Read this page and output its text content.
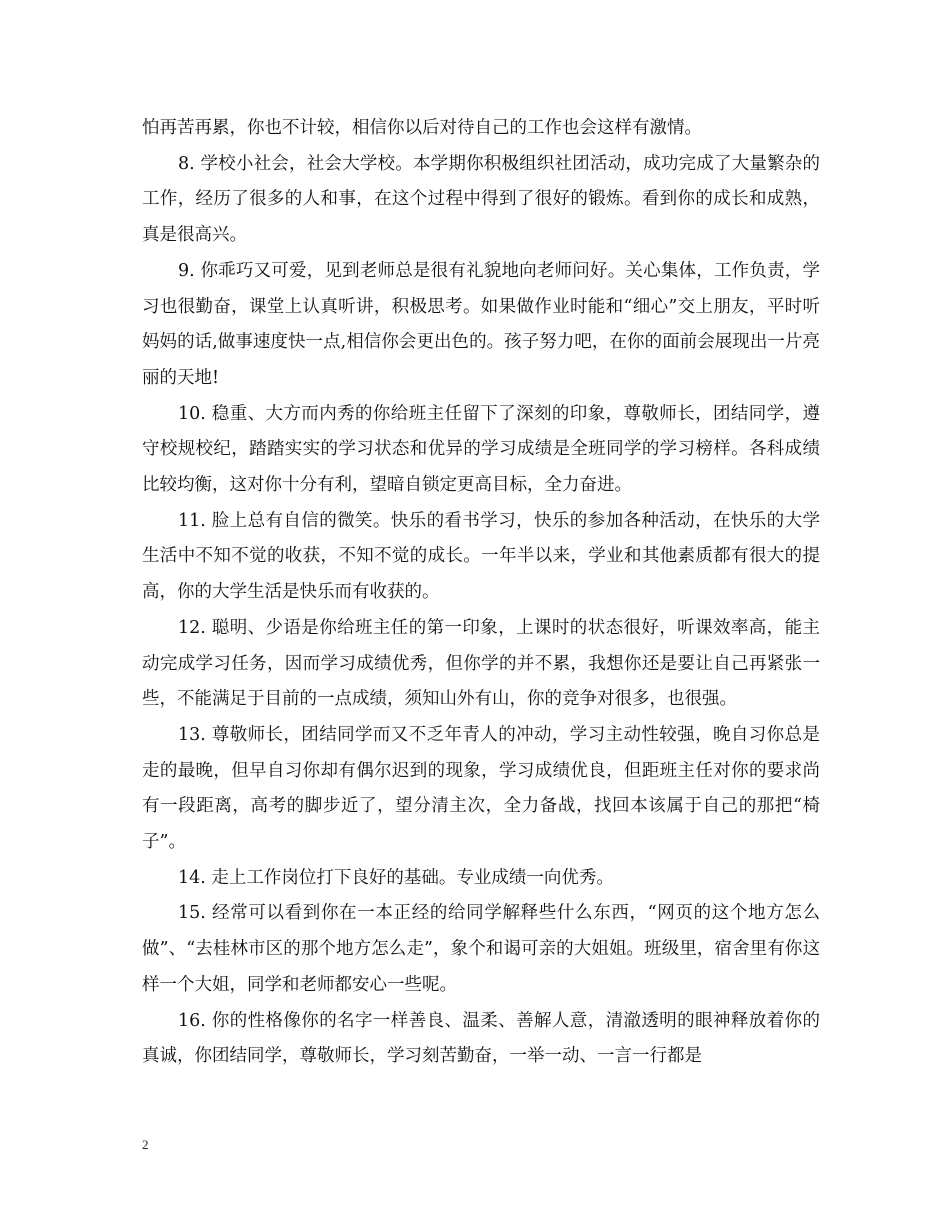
怕再苦再累，你也不计较，相信你以后对待自己的工作也会这样有激情。

8. 学校小社会，社会大学校。本学期你积极组织社团活动，成功完成了大量繁杂的工作，经历了很多的人和事，在这个过程中得到了很好的锻炼。看到你的成长和成熟，真是很高兴。

9. 你乖巧又可爱，见到老师总是很有礼貌地向老师问好。关心集体，工作负责，学习也很勤奋，课堂上认真听讲，积极思考。如果做作业时能和“细心”交上朋友，平时听妈妈的话,做事速度快一点,相信你会更出色的。孩子努力吧，在你的面前会展现出一片亮丽的天地!

10. 稳重、大方而内秀的你给班主任留下了深刻的印象，尊敬师长，团结同学，遵守校规校纪，踏踏实实的学习状态和优异的学习成绩是全班同学的学习榜样。各科成绩比较均衡，这对你十分有利，望暗自锁定更高目标，全力奋进。

11. 脸上总有自信的微笑。快乐的看书学习，快乐的参加各种活动，在快乐的大学生活中不知不觉的收获，不知不觉的成长。一年半以来，学业和其他素质都有很大的提高，你的大学生活是快乐而有收获的。

12. 聪明、少语是你给班主任的第一印象，上课时的状态很好，听课效率高，能主动完成学习任务，因而学习成绩优秀，但你学的并不累，我想你还是要让自己再紧张一些，不能满足于目前的一点成绩，须知山外有山，你的竞争对很多，也很强。

13. 尊敬师长，团结同学而又不乏年青人的冲动，学习主动性较强，晚自习你总是走的最晚，但早自习你却有偶尔迟到的现象，学习成绩优良，但距班主任对你的要求尚有一段距离，高考的脚步近了，望分清主次，全力备战，找回本该属于自己的那把“椅子”。

14. 走上工作岗位打下良好的基础。专业成绩一向优秀。

15. 经常可以看到你在一本正经的给同学解释些什么东西，“网页的这个地方怎么做”、“去桂林市区的那个地方怎么走”，象个和谒可亲的大姐姐。班级里，宿舍里有你这样一个大姐，同学和老师都安心一些呢。

16. 你的性格像你的名字一样善良、温柔、善解人意，清澈透明的眼神释放着你的真诚，你团结同学，尊敬师长，学习刻苦勤奋，一举一动、一言一行都是

2
